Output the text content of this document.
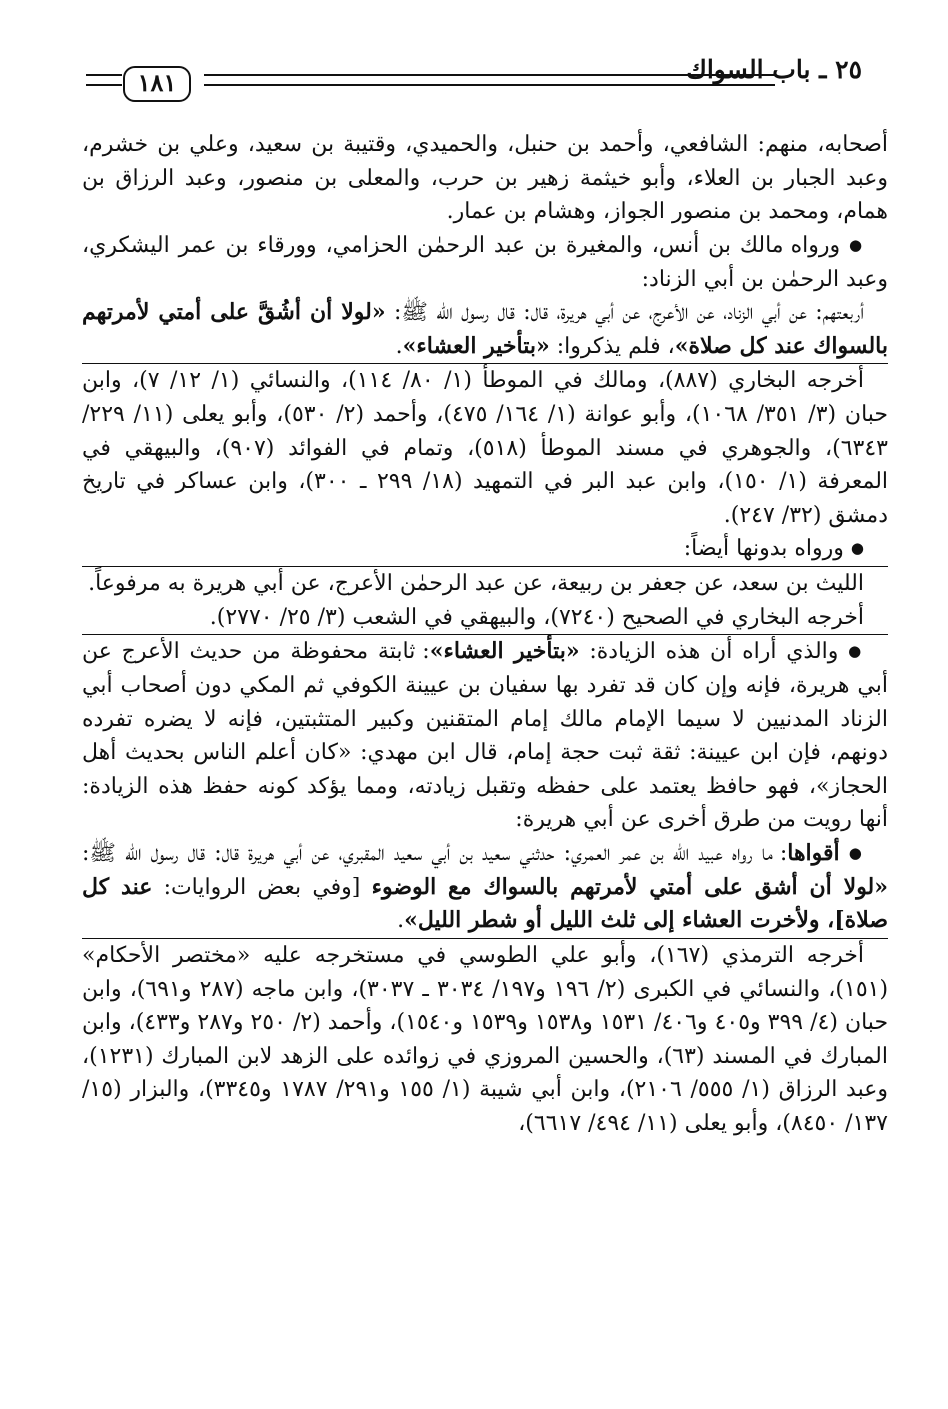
٢٥ ـ باب السواك
١٨١

أصحابه، منهم: الشافعي، وأحمد بن حنبل، والحميدي، وقتيبة بن سعيد، وعلي بن خشرم، وعبد الجبار بن العلاء، وأبو خيثمة زهير بن حرب، والمعلى بن منصور، وعبد الرزاق بن همام، ومحمد بن منصور الجواز، وهشام بن عمار.

● ورواه مالك بن أنس، والمغيرة بن عبد الرحمٰن الحزامي، وورقاء بن عمر اليشكري، وعبد الرحمٰن بن أبي الزناد:

أربعتهم: عن أبي الزناد، عن الأعرج، عن أبي هريرة، قال: قال رسول الله ﷺ: «لولا أن أشُقَّ على أمتي لأمرتهم بالسواك عند كل صلاة»، فلم يذكروا: «بتأخير العشاء».

أخرجه البخاري (٨٨٧)، ومالك في الموطأ (١/ ٨٠/ ١١٤)، والنسائي (١/ ١٢/ ٧)، وابن حبان (٣/ ٣٥١/ ١٠٦٨)، وأبو عوانة (١/ ١٦٤/ ٤٧٥)، وأحمد (٢/ ٥٣٠)، وأبو يعلى (١١/ ٢٢٩/ ٦٣٤٣)، والجوهري في مسند الموطأ (٥١٨)، وتمام في الفوائد (٩٠٧)، والبيهقي في المعرفة (١/ ١٥٠)، وابن عبد البر في التمهيد (١٨/ ٢٩٩ ـ ٣٠٠)، وابن عساكر في تاريخ دمشق (٣٢/ ٢٤٧).

● ورواه بدونها أيضاً:

الليث بن سعد، عن جعفر بن ربيعة، عن عبد الرحمٰن الأعرج، عن أبي هريرة به مرفوعاً.

أخرجه البخاري في الصحيح (٧٢٤٠)، والبيهقي في الشعب (٣/ ٢٥/ ٢٧٧٠).

● والذي أراه أن هذه الزيادة: «بتأخير العشاء»: ثابتة محفوظة من حديث الأعرج عن أبي هريرة، فإنه وإن كان قد تفرد بها سفيان بن عيينة الكوفي ثم المكي دون أصحاب أبي الزناد المدنيين لا سيما الإمام مالك إمام المتقنين وكبير المتثبتين، فإنه لا يضره تفرده دونهم، فإن ابن عيينة: ثقة ثبت حجة إمام، قال ابن مهدي: «كان أعلم الناس بحديث أهل الحجاز»، فهو حافظ يعتمد على حفظه وتقبل زيادته، ومما يؤكد كونه حفظ هذه الزيادة: أنها رويت من طرق أخرى عن أبي هريرة:

● أقواها: ما رواه عبيد الله بن عمر العمري: حدثني سعيد بن أبي سعيد المقبري، عن أبي هريرة قال: قال رسول الله ﷺ: «لولا أن أشق على أمتي لأمرتهم بالسواك مع الوضوء [وفي بعض الروايات: عند كل صلاة]، ولأخرت العشاء إلى ثلث الليل أو شطر الليل».

أخرجه الترمذي (١٦٧)، وأبو علي الطوسي في مستخرجه عليه «مختصر الأحكام» (١٥١)، والنسائي في الكبرى (٢/ ١٩٦ و١٩٧/ ٣٠٣٤ ـ ٣٠٣٧)، وابن ماجه (٢٨٧ و٦٩١)، وابن حبان (٤/ ٣٩٩ و٤٠٥ و٤٠٦/ ١٥٣١ و١٥٣٨ و١٥٣٩ و١٥٤٠)، وأحمد (٢/ ٢٥٠ و٢٨٧ و٤٣٣)، وابن المبارك في المسند (٦٣)، والحسين المروزي في زوائده على الزهد لابن المبارك (١٢٣١)، وعبد الرزاق (١/ ٥٥٥/ ٢١٠٦)، وابن أبي شيبة (١/ ١٥٥ و٢٩١/ ١٧٨٧ و٣٣٤٥)، والبزار (١٥/ ١٣٧/ ٨٤٥٠)، وأبو يعلى (١١/ ٤٩٤/ ٦٦١٧)،
